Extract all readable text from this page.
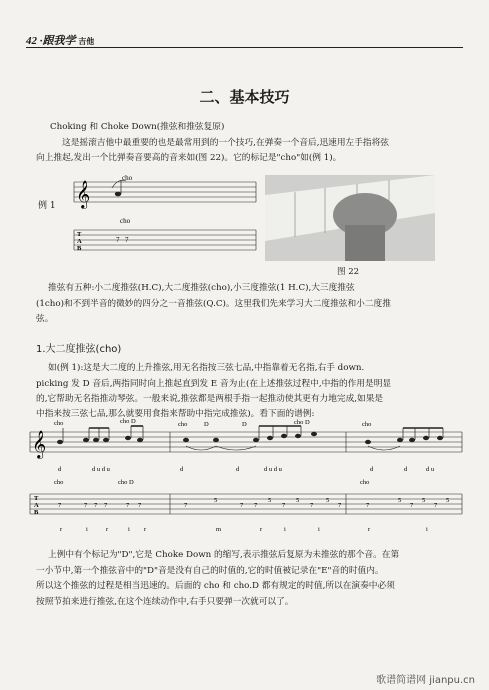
42 ·跟我学 吉他
二、基本技巧
Choking 和 Choke Down(推弦和推弦复原)
这是摇滚吉他中最重要的也是最常用到的一个技巧,在弹奏一个音后,迅速用左手指将弦
向上推起,发出一个比弹奏音要高的音来如(图 22)。它的标记是"cho"如(例 1)。
例 1 𝄞
cho
cho
T
A
B
7 7
图 22
推弦有五种:小二度推弦(H.C),大二度推弦(cho),小三度推弦(1 H.C),大三度推弦
(1cho)和不到半音的微妙的四分之一音推弦(Q.C)。这里我们先来学习大二度推弦和小二度推
弦。
1.大二度推弦(cho)
如(例 1):这是大二度的上升推弦,用无名指按三弦七品,中指靠着无名指,右手 down.
picking 发 D 音后,两指同时向上推起直到发 E 音为止(在上述推弦过程中,中指的作用是明显
的,它帮助无名指推动琴弦。一般来说,推弦都是两根手指一起推动使其更有力地完成,如果是
中指来按三弦七品,那么就要用食指来帮助中指完成推弦)。看下面的谱例:
𝄞
T
A
B
cho	cho D	cho	D	D	cho
cho D
d	d u d u	d
cho
d
cho D	cho
d
d u d u	d	d u
7	7 7 7	7 7	7
5
7 7
5
7
5
7	7
5
7
5
7
5
5
7
r	i	r	i r	m	r	i	i	r	i
上例中有个标记为"D",它是 Choke Down 的缩写,表示推弦后复原为未推弦的那个音。在第
一小节中,第一个推弦音中的"D"音是没有自己的时值的,它的时值被记录在"E"音的时值内。
所以这个推弦的过程是相当迅速的。后面的 cho 和 cho.D 都有规定的时值,所以在演奏中必须
按照节拍来进行推弦,在这个连续动作中,右手只要弹一次就可以了。
歌谱简谱网 jianpu.cn
